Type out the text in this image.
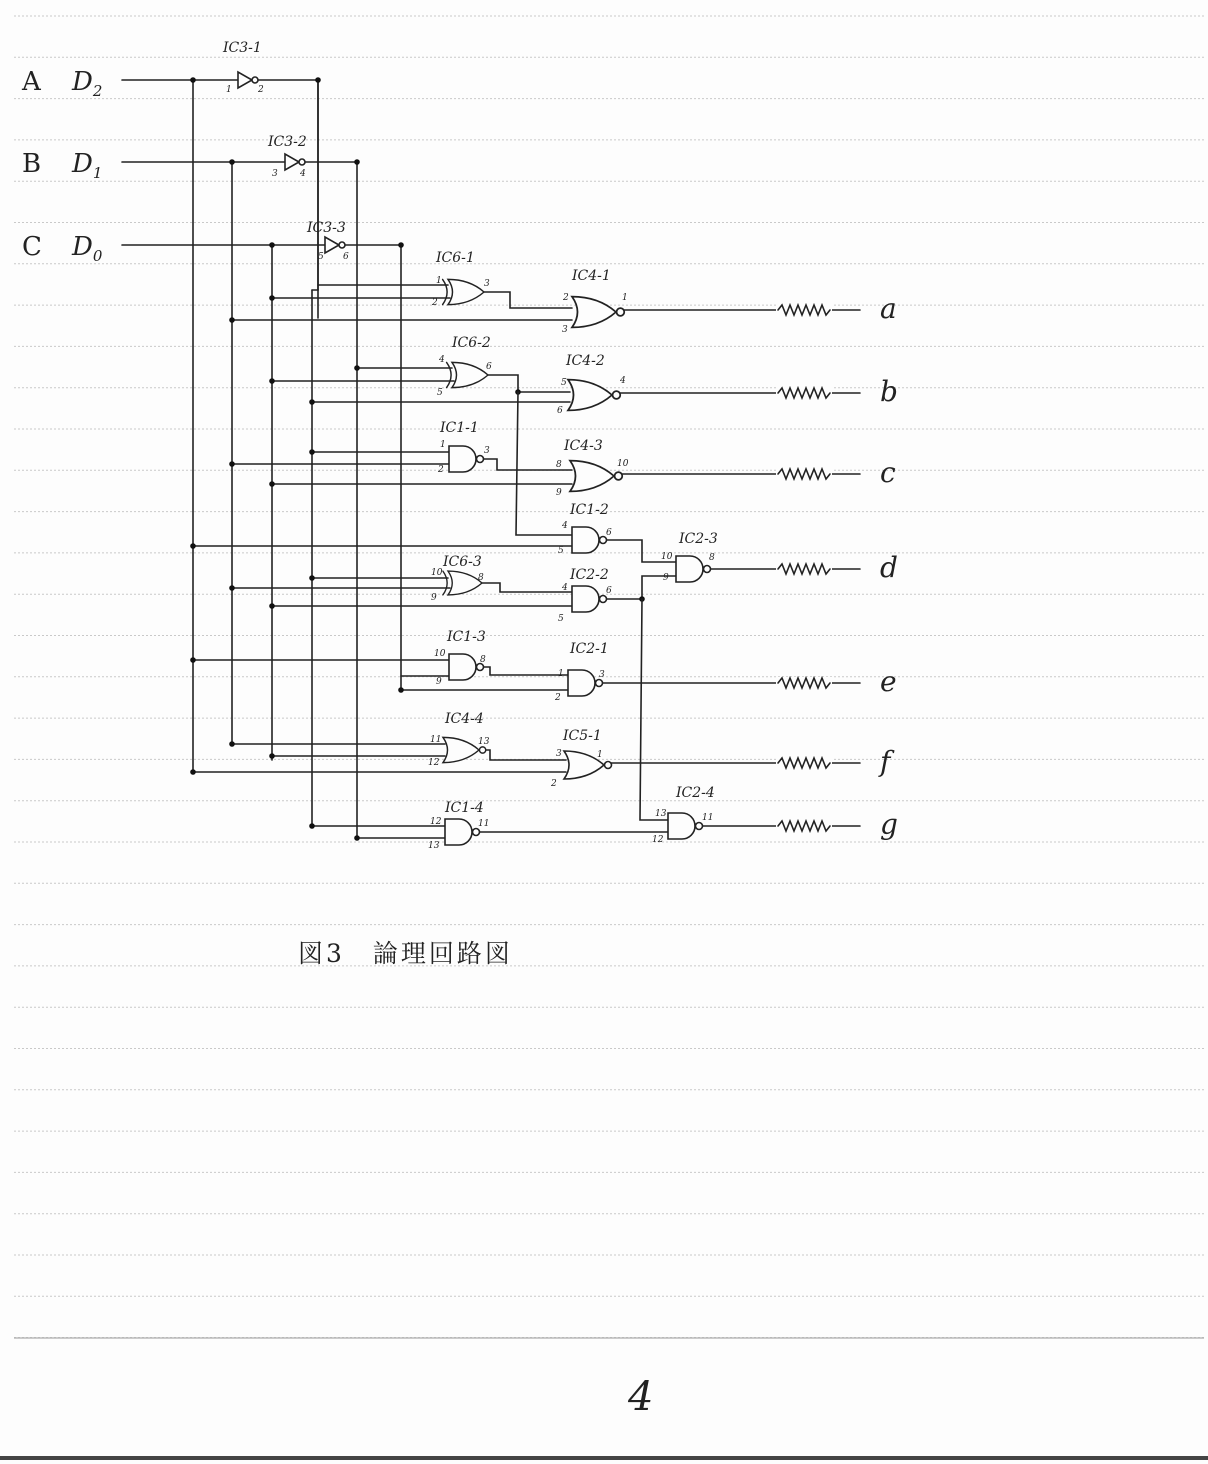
a
b
c
d
e
f
g
A $D_2$
B $D_1$
C $D_0$
IC3-1
1	2
IC3-2
3 4
IC3-3
5 6	IC6-1
1
2
3	IC4-1
2
3
1
IC6-2
4
5
6	IC4-2
5
6
4
IC1-1
1
2
3	IC4-3
8
9
10
IC1-2
4
5
6
IC6-3
10
9
8	IC2-2
4
5
6
IC2-3
10
9
8
IC1-3
10
9
8
IC2-1
1
2
3
IC4-4
11
12
13	IC5-1
3
2
1
IC1-4
12
13
11
IC2-4
13
12
11
図3　論理回路図
4
